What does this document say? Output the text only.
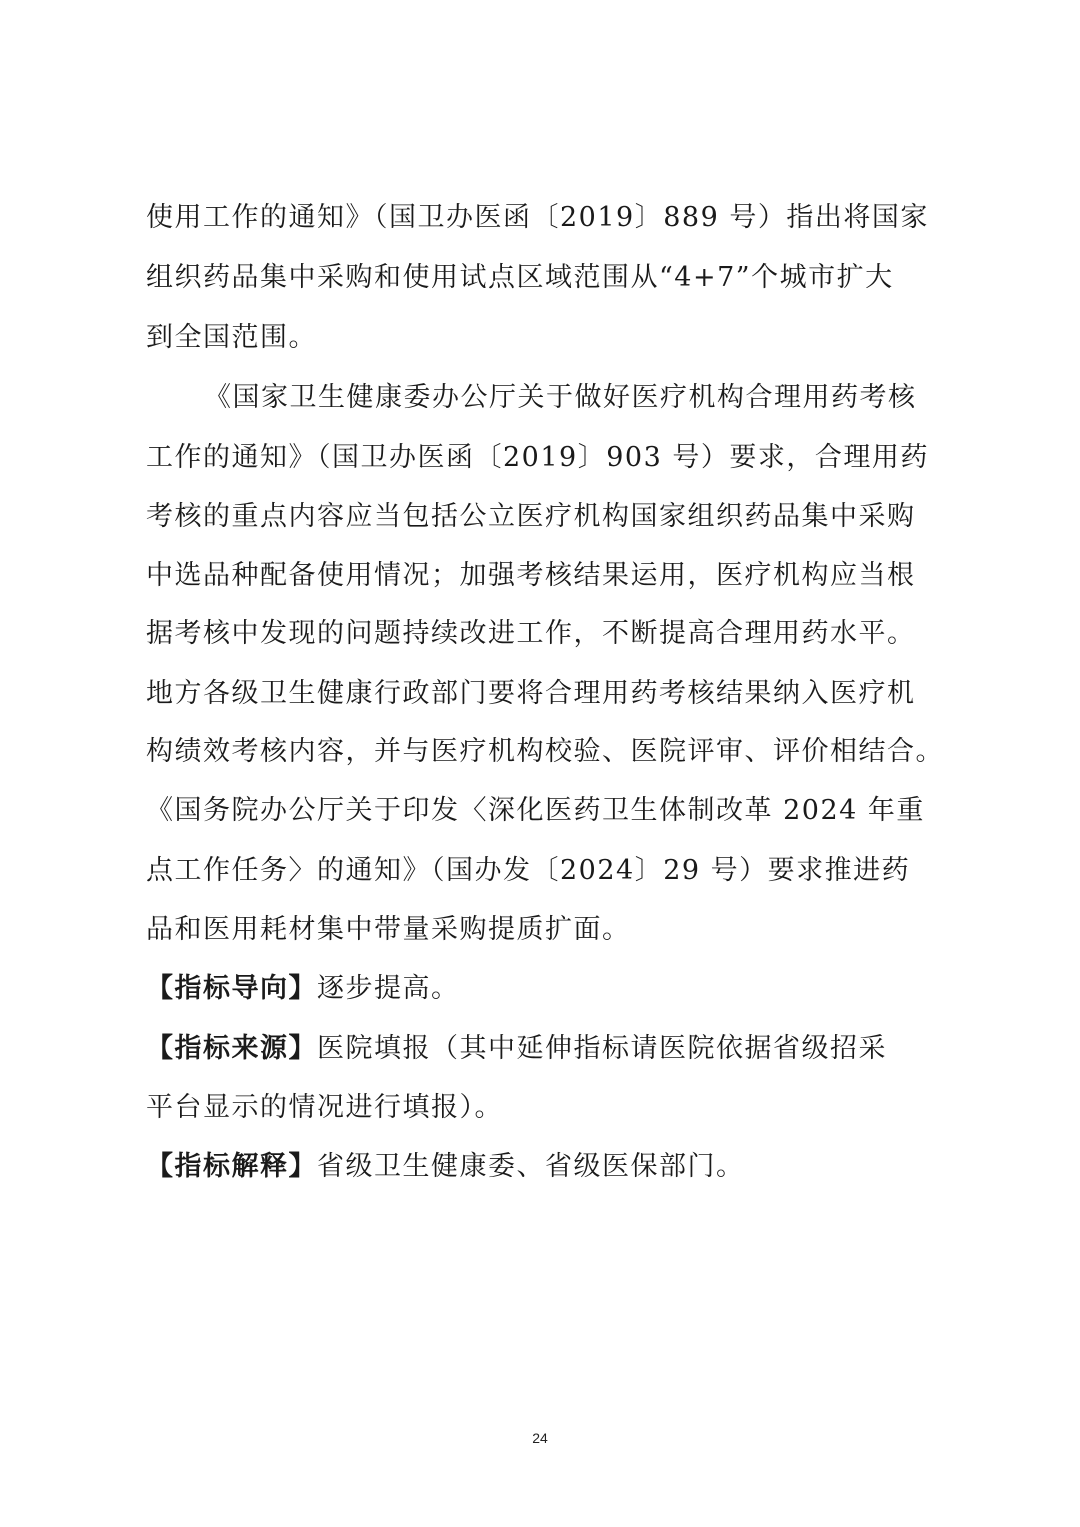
使用工作的通知》（国卫办医函〔2019〕889 号）指出将国家
组织药品集中采购和使用试点区域范围从“4+7”个城市扩大
到全国范围。
《国家卫生健康委办公厅关于做好医疗机构合理用药考核
工作的通知》（国卫办医函〔2019〕903 号）要求，合理用药
考核的重点内容应当包括公立医疗机构国家组织药品集中采购
中选品种配备使用情况；加强考核结果运用，医疗机构应当根
据考核中发现的问题持续改进工作，不断提高合理用药水平。
地方各级卫生健康行政部门要将合理用药考核结果纳入医疗机
构绩效考核内容，并与医疗机构校验、医院评审、评价相结合。
《国务院办公厅关于印发〈深化医药卫生体制改革 2024 年重
点工作任务〉的通知》（国办发〔2024〕29 号）要求推进药
品和医用耗材集中带量采购提质扩面。
【指标导向】逐步提高。
【指标来源】医院填报（其中延伸指标请医院依据省级招采
平台显示的情况进行填报）。
【指标解释】省级卫生健康委、省级医保部门。
24
